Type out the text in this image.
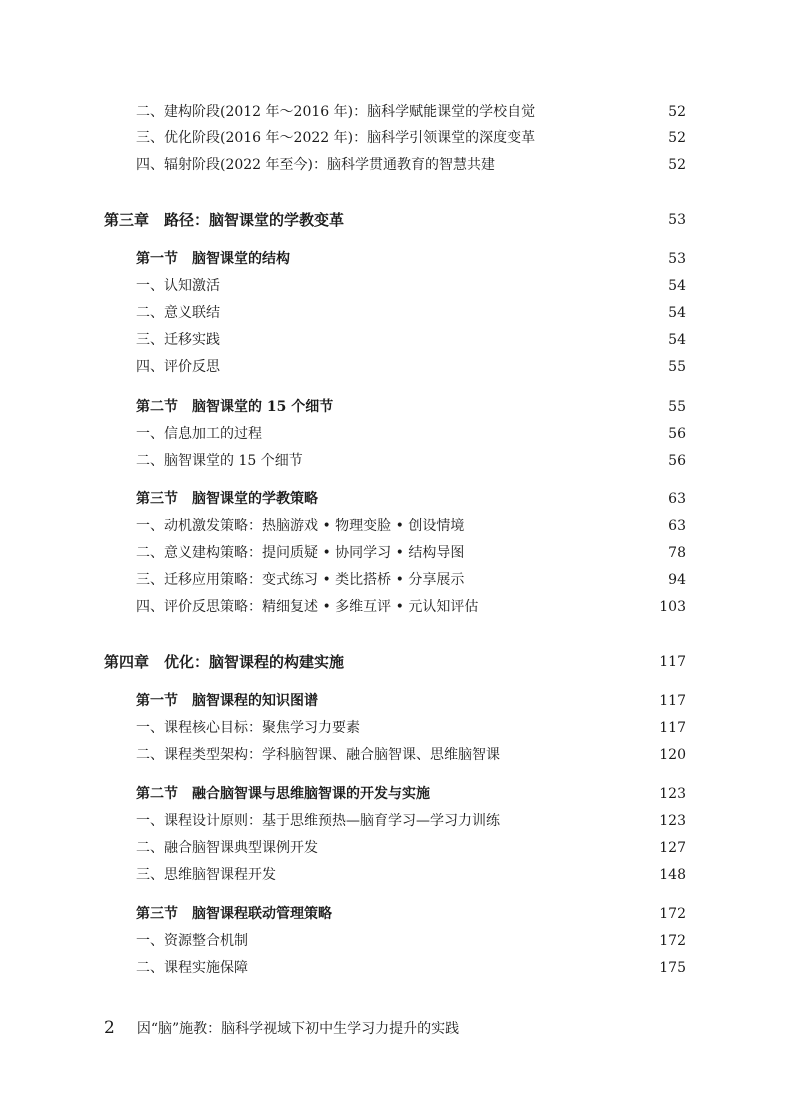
二、建构阶段(2012 年～2016 年)：脑科学赋能课堂的学校自觉	52
三、优化阶段(2016 年～2022 年)：脑科学引领课堂的深度变革	52
四、辐射阶段(2022 年至今)：脑科学贯通教育的智慧共建	52
第三章　路径：脑智课堂的学教变革	53
第一节　脑智课堂的结构	53
一、认知激活	54
二、意义联结	54
三、迁移实践	54
四、评价反思	55
第二节　脑智课堂的 15 个细节	55
一、信息加工的过程	56
二、脑智课堂的 15 个细节	56
第三节　脑智课堂的学教策略	63
一、动机激发策略：热脑游戏 • 物理变脸 • 创设情境	63
二、意义建构策略：提问质疑 • 协同学习 • 结构导图	78
三、迁移应用策略：变式练习 • 类比搭桥 • 分享展示	94
四、评价反思策略：精细复述 • 多维互评 • 元认知评估	103
第四章　优化：脑智课程的构建实施	117
第一节　脑智课程的知识图谱	117
一、课程核心目标：聚焦学习力要素	117
二、课程类型架构：学科脑智课、融合脑智课、思维脑智课	120
第二节　融合脑智课与思维脑智课的开发与实施	123
一、课程设计原则：基于思维预热—脑育学习—学习力训练	123
二、融合脑智课典型课例开发	127
三、思维脑智课程开发	148
第三节　脑智课程联动管理策略	172
一、资源整合机制	172
二、课程实施保障	175
2 因“脑”施教：脑科学视域下初中生学习力提升的实践
